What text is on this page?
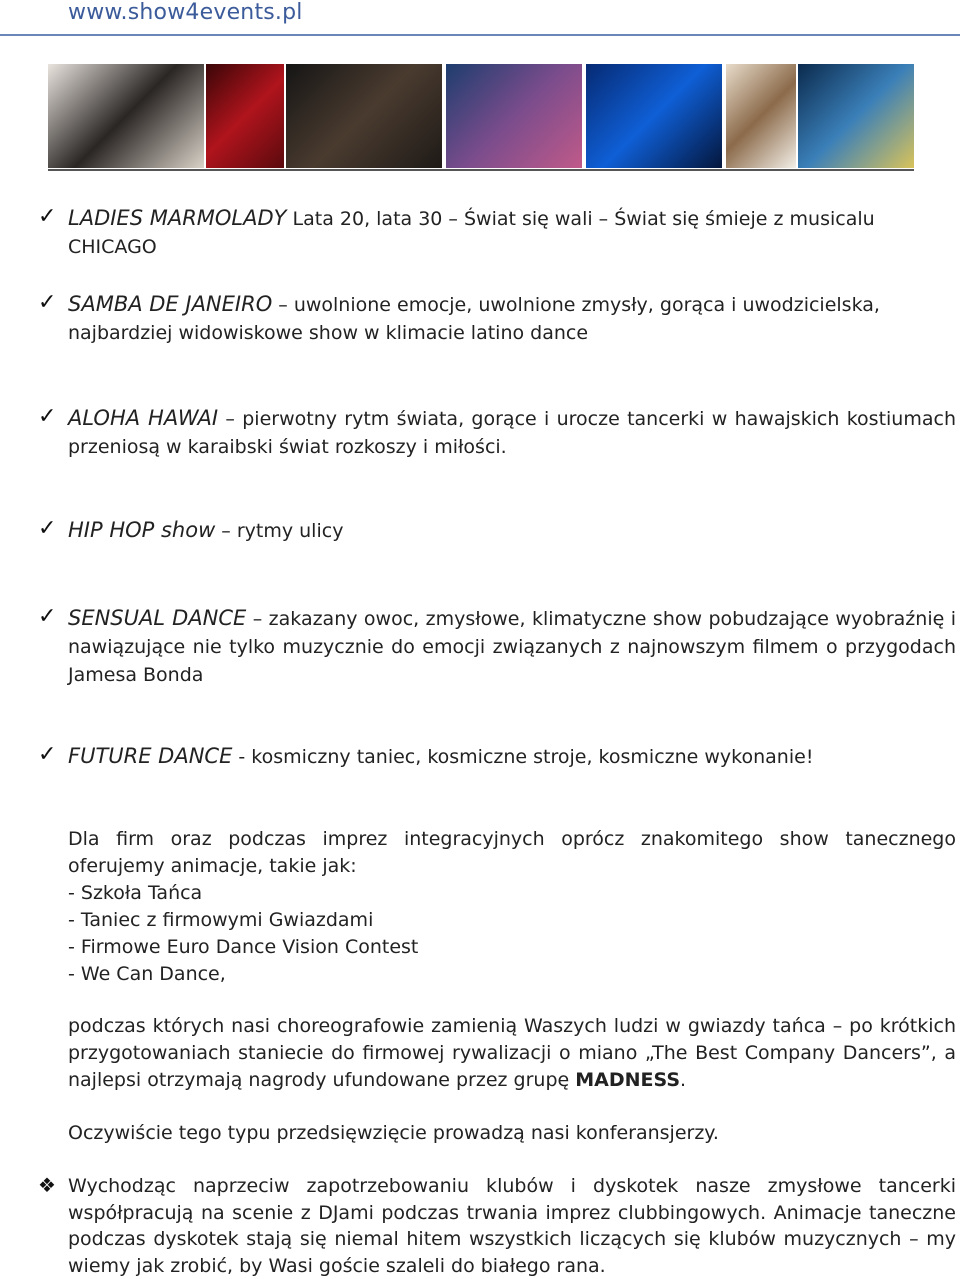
www.show4events.pl
✓ LADIES MARMOLADY Lata 20, lata 30 – Świat się wali – Świat się śmieje z musicalu CHICAGO
✓ SAMBA DE JANEIRO – uwolnione emocje, uwolnione zmysły, gorąca i uwodzicielska, najbardziej widowiskowe show w klimacie latino dance
✓ ALOHA HAWAI – pierwotny rytm świata, gorące i urocze tancerki w hawajskich kostiumach przeniosą w karaibski świat rozkoszy i miłości.
✓ HIP HOP show – rytmy ulicy
✓ SENSUAL DANCE – zakazany owoc, zmysłowe, klimatyczne show pobudzające wyobraźnię i nawiązujące nie tylko muzycznie do emocji związanych z najnowszym filmem o przygodach Jamesa Bonda
✓ FUTURE DANCE - kosmiczny taniec, kosmiczne stroje, kosmiczne wykonanie!
Dla firm oraz podczas imprez integracyjnych oprócz znakomitego show tanecznego oferujemy animacje, takie jak:
- Szkoła Tańca
- Taniec z firmowymi Gwiazdami
- Firmowe Euro Dance Vision Contest
- We Can Dance,
podczas których nasi choreografowie zamienią Waszych ludzi w gwiazdy tańca – po krótkich przygotowaniach staniecie do firmowej rywalizacji o miano „The Best Company Dancers”, a najlepsi otrzymają nagrody ufundowane przez grupę MADNESS.
Oczywiście tego typu przedsięwzięcie prowadzą nasi konferansjerzy.
❖ Wychodząc naprzeciw zapotrzebowaniu klubów i dyskotek nasze zmysłowe tancerki współpracują na scenie z DJami podczas trwania imprez clubbingowych. Animacje taneczne podczas dyskotek stają się niemal hitem wszystkich liczących się klubów muzycznych – my wiemy jak zrobić, by Wasi goście szaleli do białego rana.
